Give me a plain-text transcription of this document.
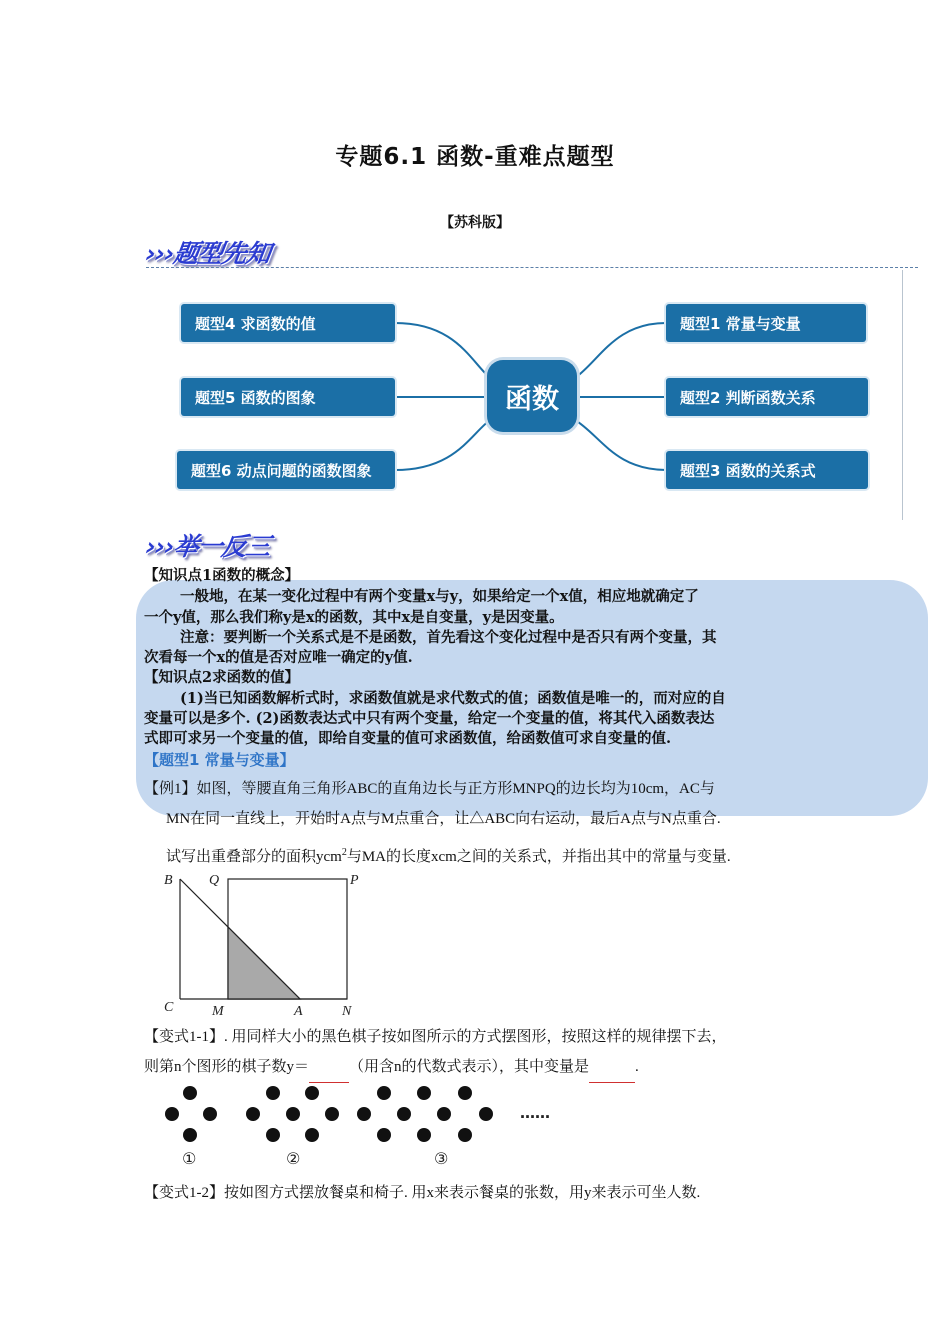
专题6.1 函数-重难点题型
【苏科版】
›››题型先知
题型4 求函数的值
题型5 函数的图象
题型6 动点问题的函数图象
函数
题型1 常量与变量
题型2 判断函数关系
题型3 函数的关系式
›››举一反三
【知识点1函数的概念】
一般地，在某一变化过程中有两个变量x与y，如果给定一个x值，相应地就确定了
一个y值，那么我们称y是x的函数，其中x是自变量，y是因变量。
注意：要判断一个关系式是不是函数，首先看这个变化过程中是否只有两个变量，其
次看每一个x的值是否对应唯一确定的y值.
【知识点2求函数的值】
(1)当已知函数解析式时，求函数值就是求代数式的值；函数值是唯一的，而对应的自
变量可以是多个. (2)函数表达式中只有两个变量，给定一个变量的值，将其代入函数表达
式即可求另一个变量的值，即给自变量的值可求函数值，给函数值可求自变量的值.
【题型1 常量与变量】
【例1】如图，等腰直角三角形ABC的直角边长与正方形MNPQ的边长均为10cm，AC与
MN在同一直线上，开始时A点与M点重合，让△ABC向右运动，最后A点与N点重合.
试写出重叠部分的面积ycm$^2$与MA的长度xcm之间的关系式，并指出其中的常量与变量.
B	Q	P
C	M	A	N
【变式1-1】. 用同样大小的黑色棋子按如图所示的方式摆图形，按照这样的规律摆下去，
则第n个图形的棋子数y＝	（用含n的代数式表示），其中变量是	.
……
①	②	③
【变式1-2】按如图方式摆放餐桌和椅子. 用x来表示餐桌的张数，用y来表示可坐人数.
